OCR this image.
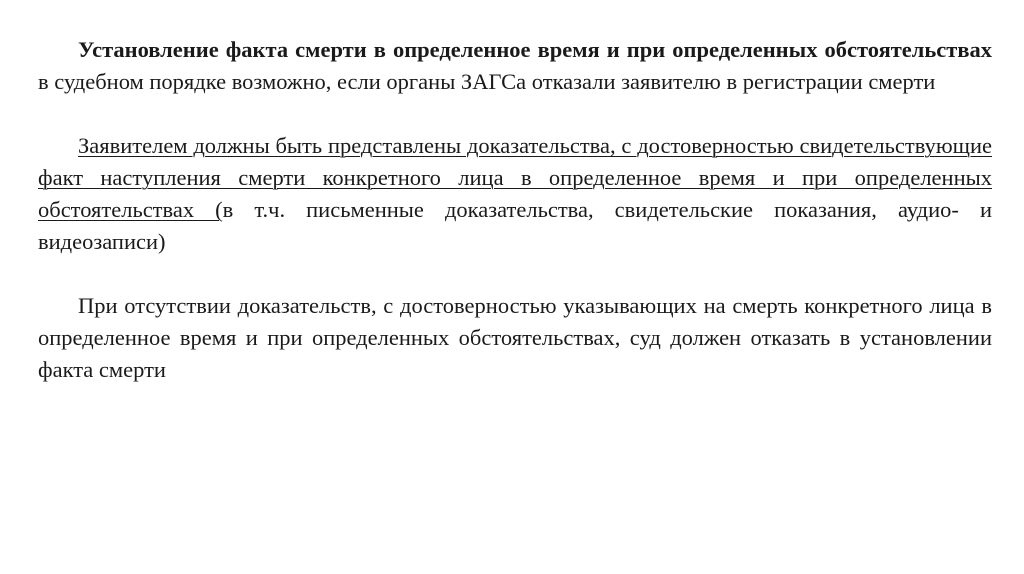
Установление факта смерти в определенное время и при определенных обстоятельствах в судебном порядке возможно, если органы ЗАГСа отказали заявителю в регистрации смерти

Заявителем должны быть представлены доказательства, с достоверностью свидетельствующие факт наступления смерти конкретного лица в определенное время и при определенных обстоятельствах (в т.ч. письменные доказательства, свидетельские показания, аудио- и видеозаписи)

При отсутствии доказательств, с достоверностью указывающих на смерть конкретного лица в определенное время и при определенных обстоятельствах, суд должен отказать в установлении факта смерти
